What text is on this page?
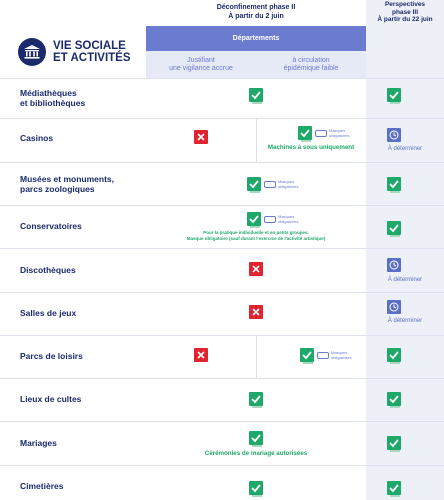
Déconfinement phase II
À partir du 2 juin
Perspectives
phase III
À partir du 22 juin
VIE SOCIALE
ET ACTIVITÉS
Départements
Justifiant
une vigilance accrue
à circulation
épidémique faible
Médiathèques
et bibliothèques
Casinos
Musées et monuments,
parcs zoologiques
Conservatoires
Discothèques
Salles de jeux
Parcs de loisirs
Lieux de cultes
Mariages
Cimetières
Masques
obligatoires
Machines à sous uniquement	À déterminer
Masques
obligatoires
Masques
obligatoires
Pour la pratique individuelle et en petits groupes.
Masque obligatoire (sauf durant l'exercice de l'activité artistique)
À déterminer
À déterminer
Masques
obligatoires
Cérémonies de mariage autorisées
